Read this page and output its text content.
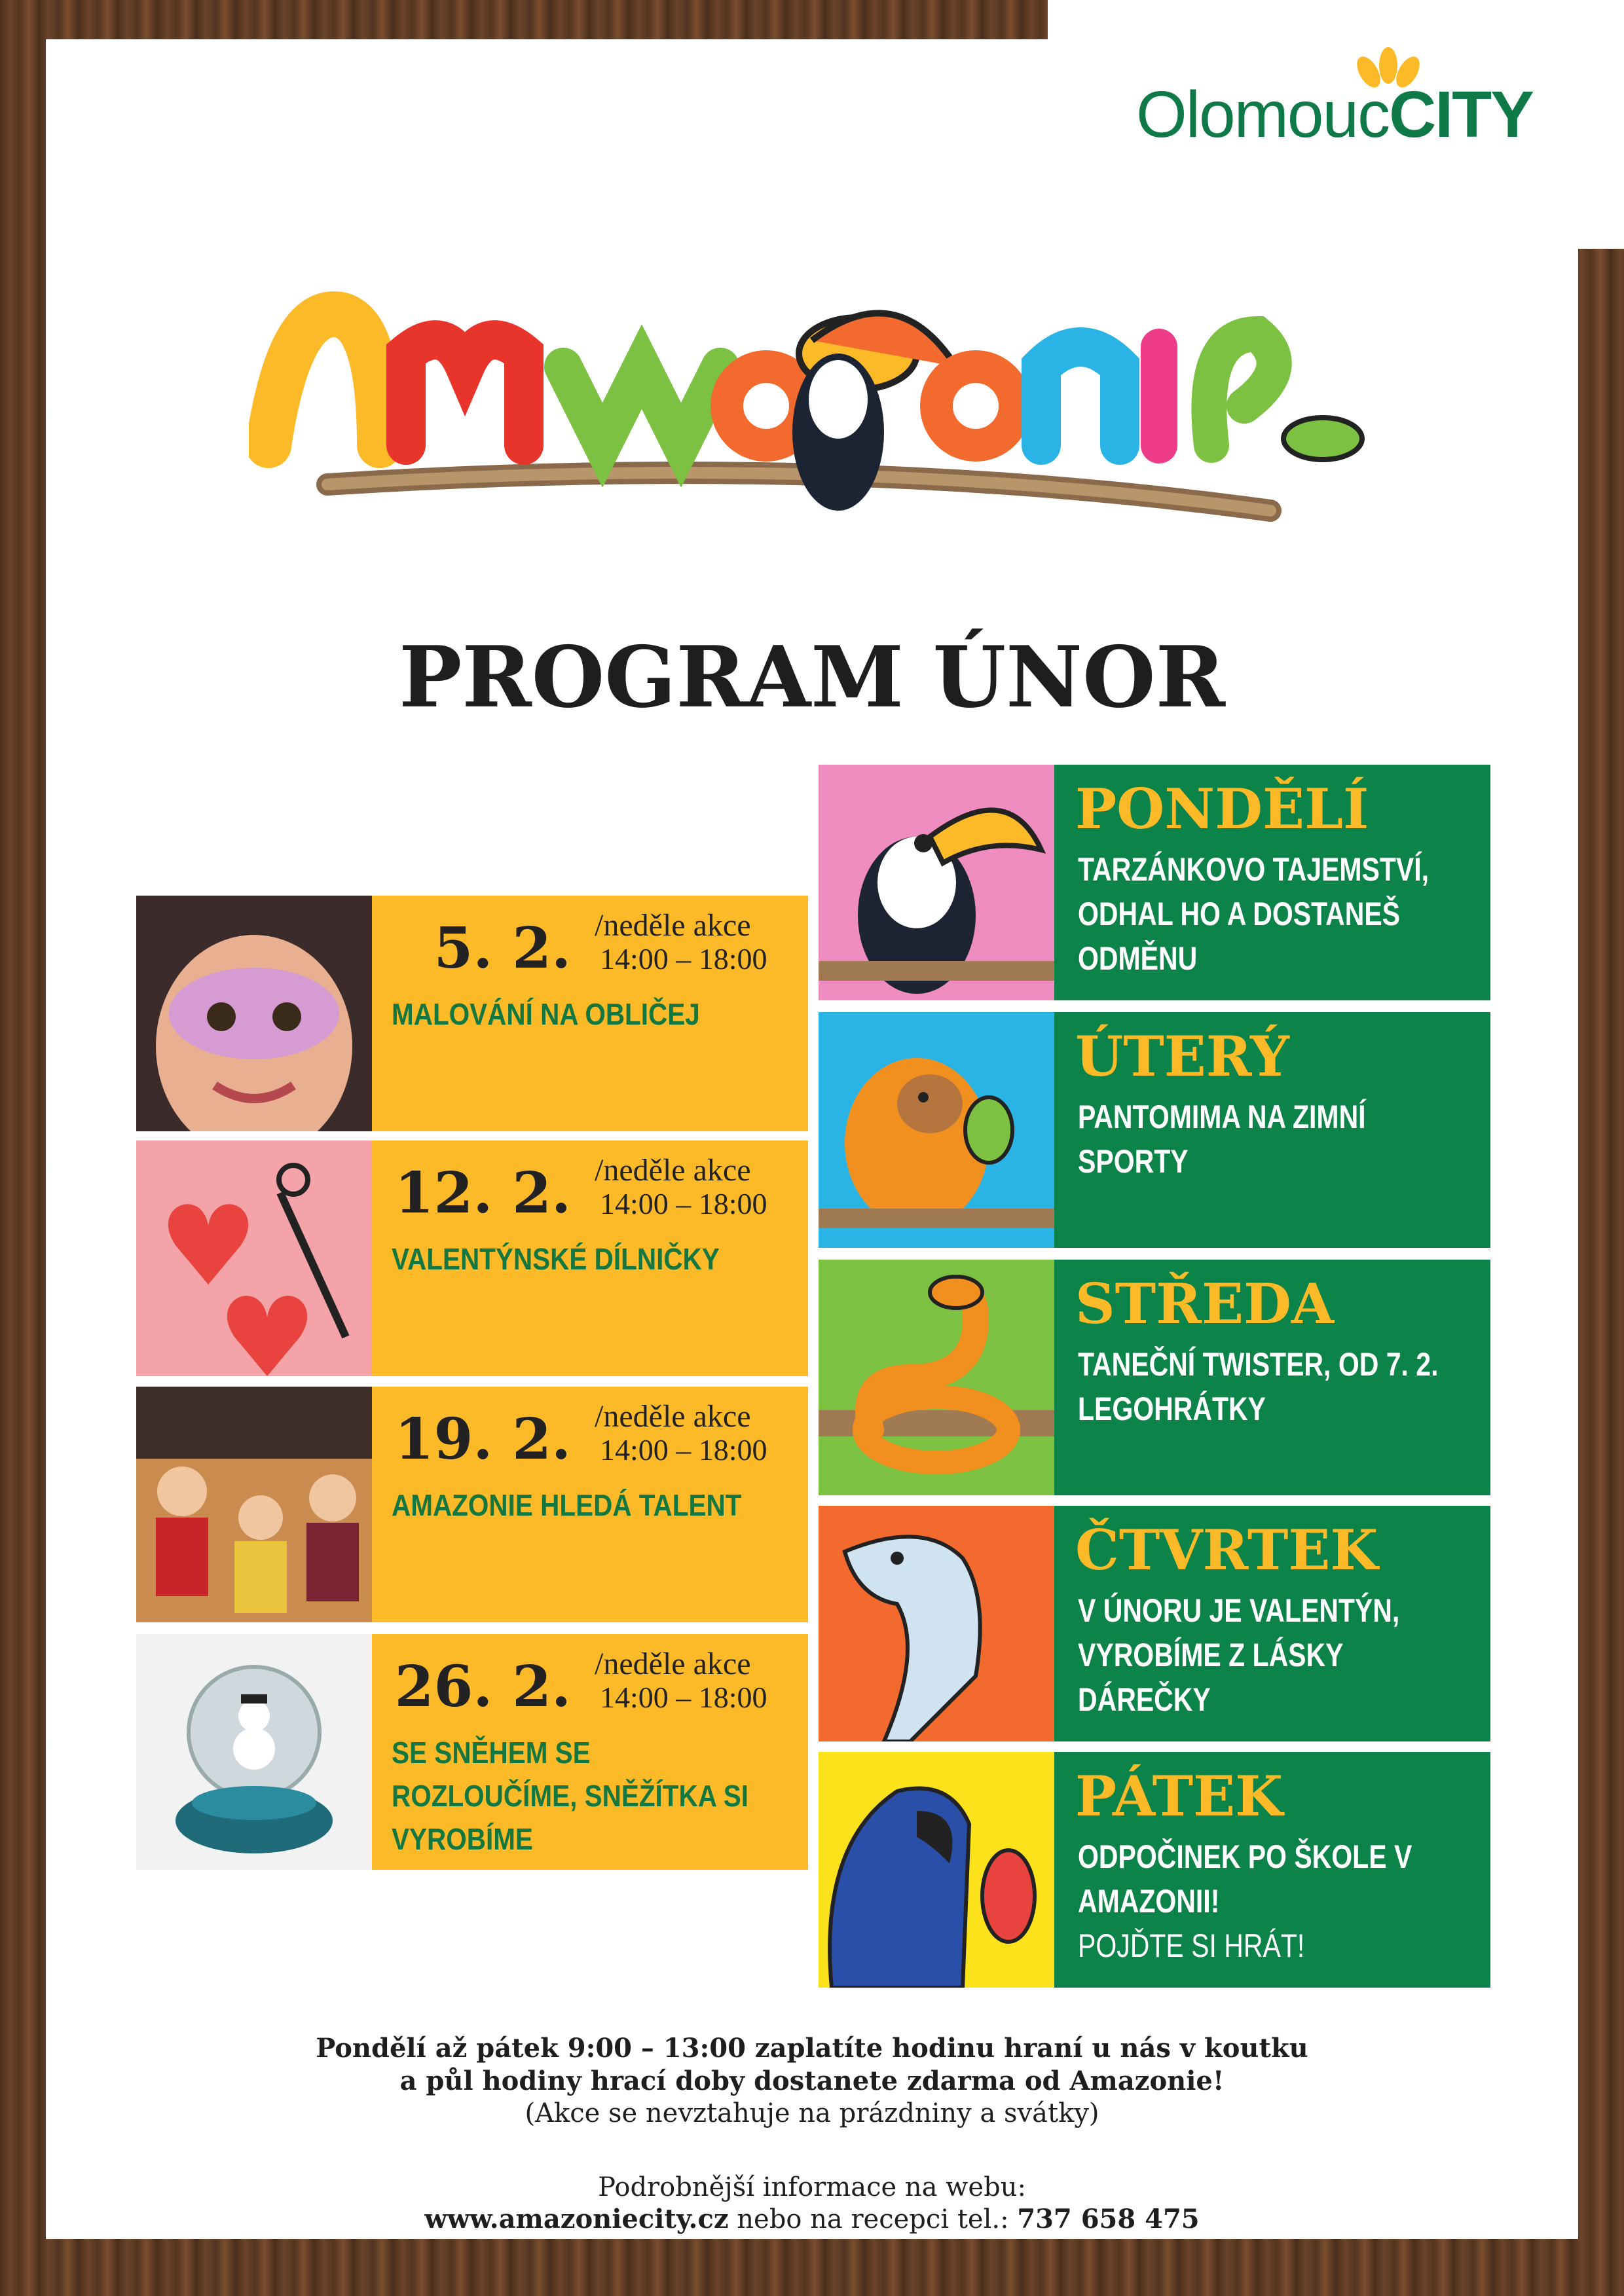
OlomoucCITY
PROGRAM ÚNOR
5. 2. /neděle akce
14:00 – 18:00
MALOVÁNÍ NA OBLIČEJ
12. 2. /neděle akce
14:00 – 18:00
VALENTÝNSKÉ DÍLNIČKY
19. 2. /neděle akce
14:00 – 18:00
AMAZONIE HLEDÁ TALENT
26. 2. /neděle akce
14:00 – 18:00
SE SNĚHEM SE ROZLOUČÍME, SNĚŽÍTKA SI VYROBÍME
PONDĚLÍ
TARZÁNKOVO TAJEMSTVÍ, ODHAL HO A DOSTANEŠ ODMĚNU
ÚTERÝ
PANTOMIMA NA ZIMNÍ SPORTY
STŘEDA
TANEČNÍ TWISTER, OD 7. 2. LEGOHRÁTKY
ČTVRTEK
V ÚNORU JE VALENTÝN, VYROBÍME Z LÁSKY DÁREČKY
PÁTEK
ODPOČINEK PO ŠKOLE V AMAZONII!
POJĎTE SI HRÁT!
Pondělí až pátek 9:00 – 13:00 zaplatíte hodinu hraní u nás v koutku
a půl hodiny hrací doby dostanete zdarma od Amazonie!
(Akce se nevztahuje na prázdniny a svátky)
Podrobnější informace na webu:
www.amazoniecity.cz nebo na recepci tel.: 737 658 475
